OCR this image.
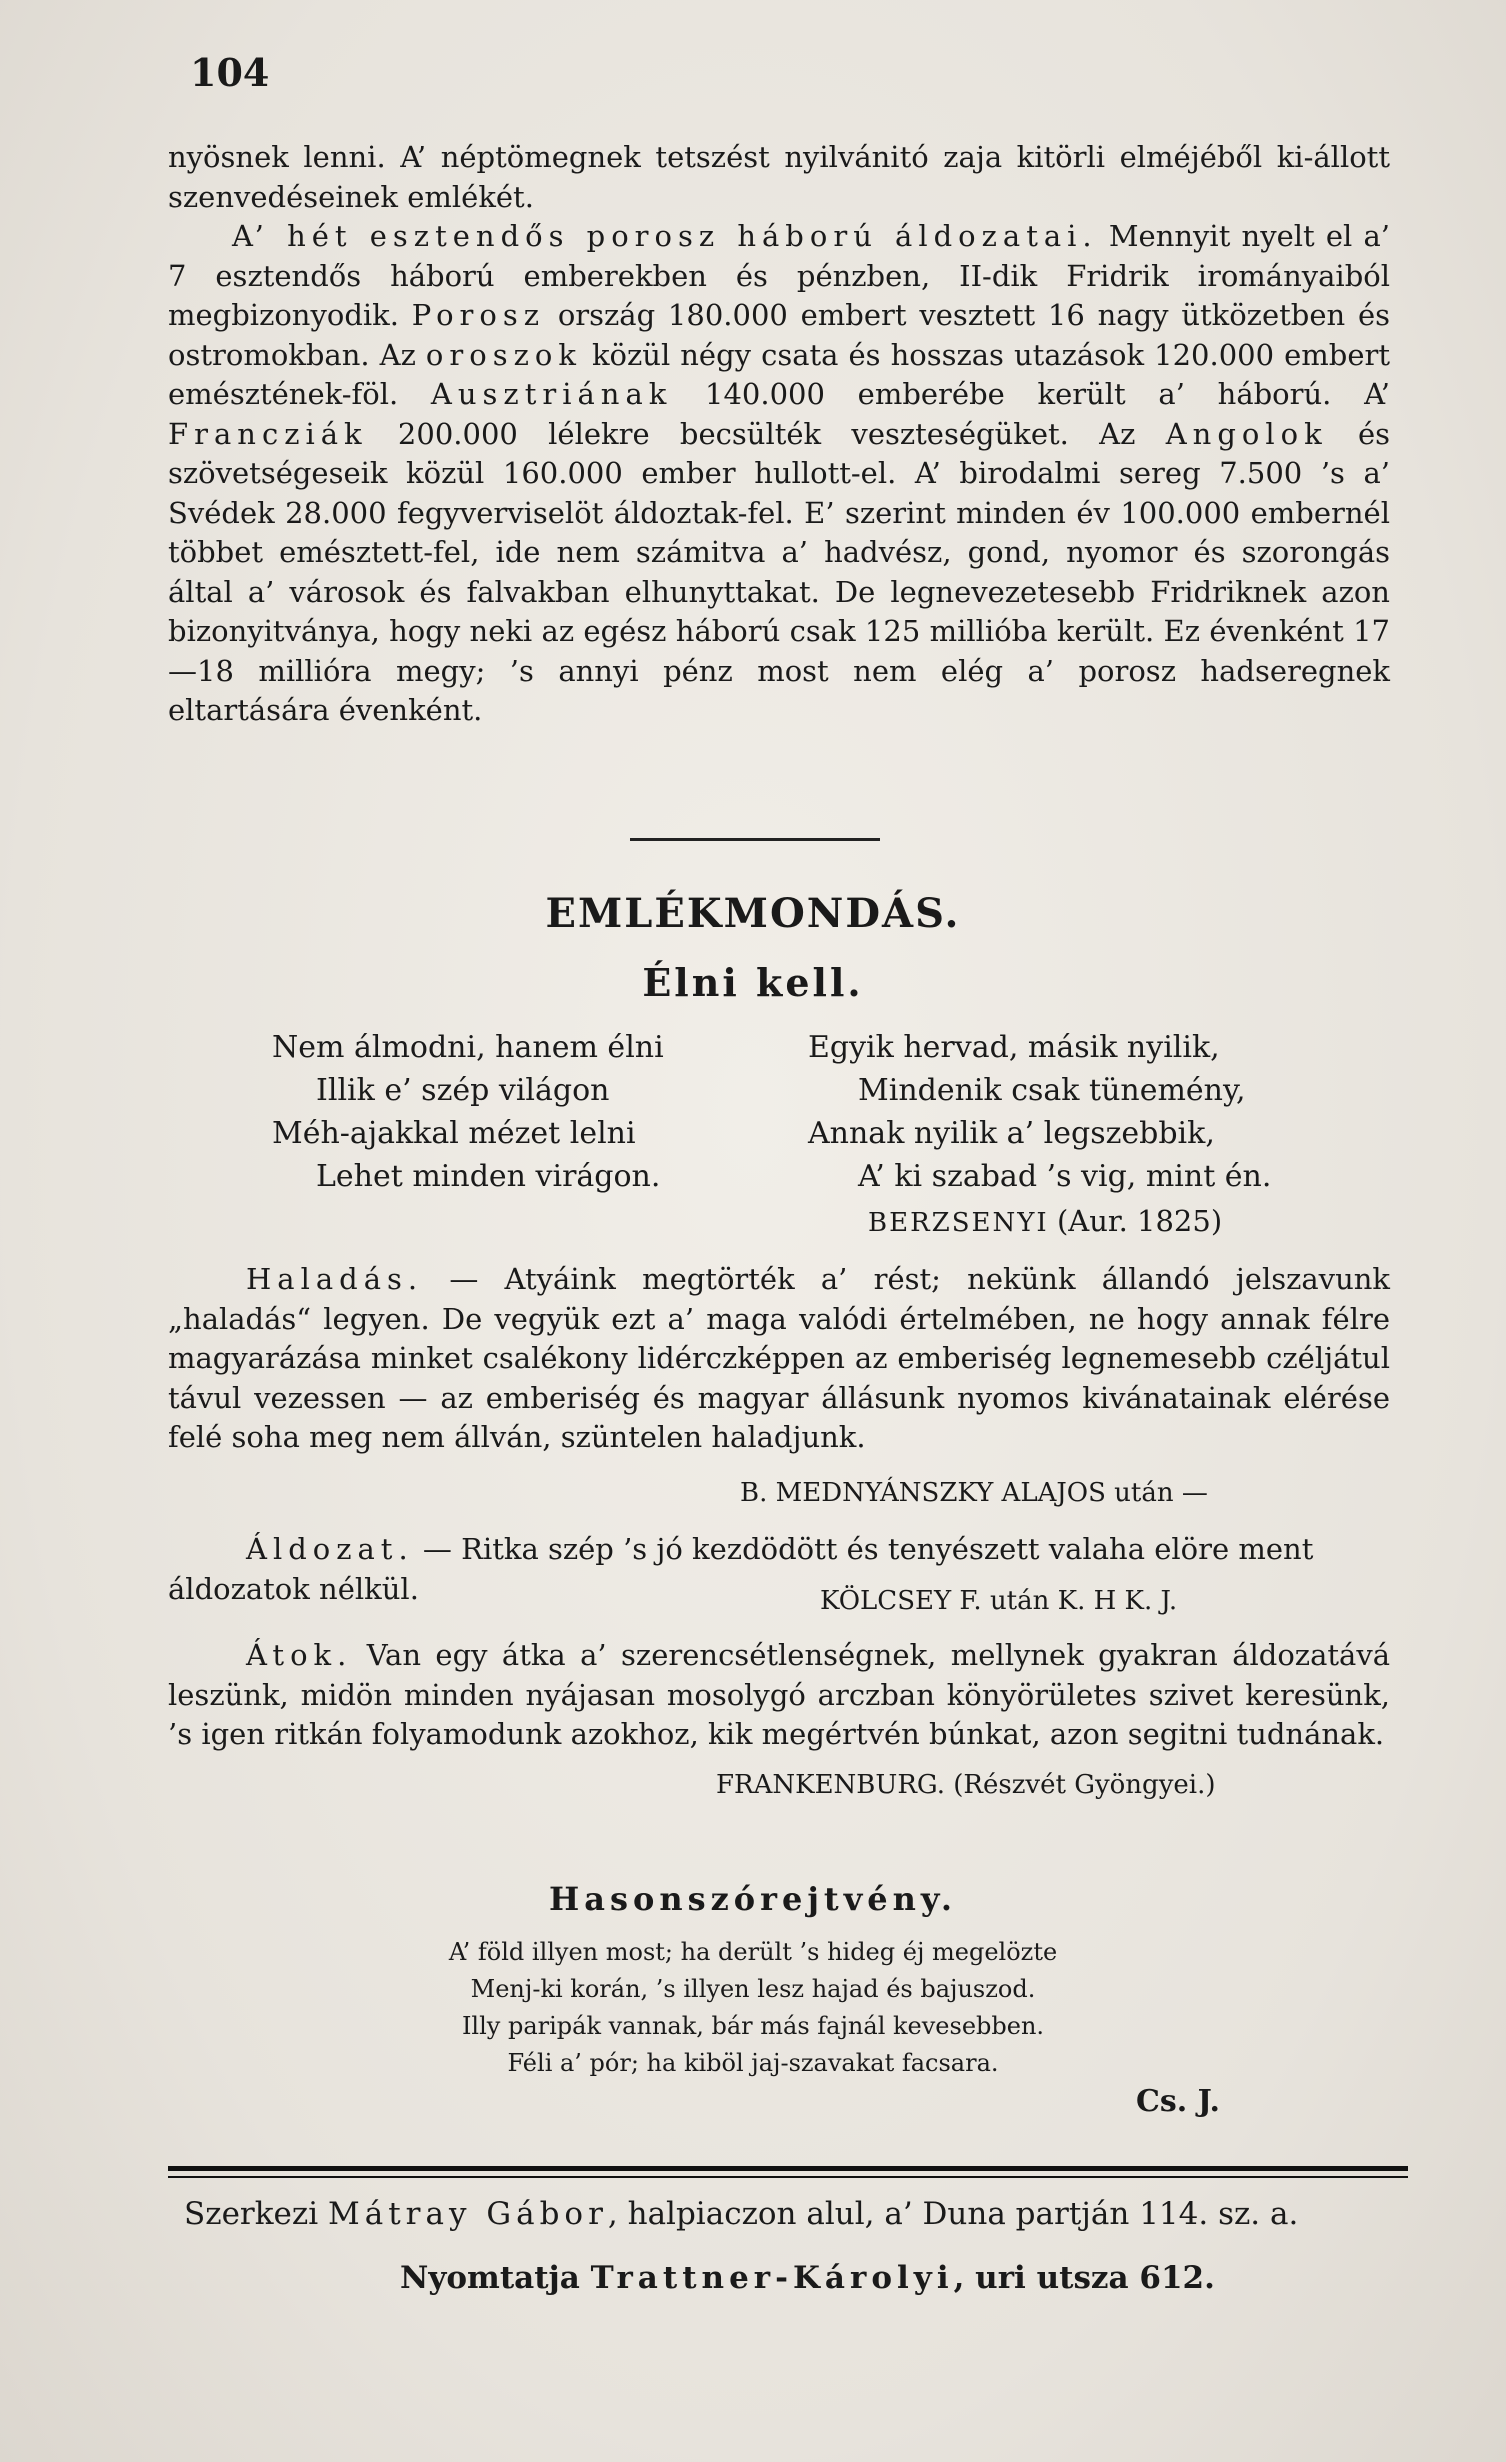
104

nyösnek lenni. A’ néptömegnek tetszést nyilvánitó zaja kitörli elméjéből ki-állott szenvedéseinek emlékét.

A’ hét esztendős porosz háború áldozatai. Mennyit nyelt el a’ 7 esztendős háború emberekben és pénzben, II-dik Fridrik irományaiból megbizonyodik. Porosz ország 180.000 embert vesztett 16 nagy ütközetben és ostromokban. Az oroszok közül négy csata és hosszas utazások 120.000 embert emésztének-föl. Ausztriának 140.000 emberébe került a’ háború. A’ Francziák 200.000 lélekre becsülték veszteségüket. Az Angolok és szövetségeseik közül 160.000 ember hullott-el. A’ birodalmi sereg 7.500 ’s a’ Svédek 28.000 fegyverviselöt áldoztak-fel. E’ szerint minden év 100.000 embernél többet emésztett-fel, ide nem számitva a’ hadvész, gond, nyomor és szorongás által a’ városok és falvakban elhunyttakat. De legnevezetesebb Fridriknek azon bizonyitványa, hogy neki az egész háború csak 125 millióba került. Ez évenként 17—18 millióra megy; ’s annyi pénz most nem elég a’ porosz hadseregnek eltartására évenként.

EMLÉKMONDÁS.
Élni kell.
Nem álmodni, hanem élni
Illik e’ szép világon
Méh-ajakkal mézet lelni
Lehet minden virágon.
Egyik hervad, másik nyilik,
Mindenik csak tünemény,
Annak nyilik a’ legszebbik,
A’ ki szabad ’s vig, mint én.
BERZSENYI (Aur. 1825)

Haladás. — Atyáink megtörték a’ rést; nekünk állandó jelszavunk „haladás“ legyen. De vegyük ezt a’ maga valódi értelmében, ne hogy annak félre magyarázása minket csalékony lidérczképpen az emberiség legnemesebb czéljátul távul vezessen — az emberiség és magyar állásunk nyomos kivánatainak elérése felé soha meg nem állván, szüntelen haladjunk.

B. MEDNYÁNSZKY ALAJOS után —

Áldozat. — Ritka szép ’s jó kezdödött és tenyészett valaha elöre ment áldozatok nélkül.	KÖLCSEY F. után K. H K. J.

Átok. Van egy átka a’ szerencsétlenségnek, mellynek gyakran áldozatává leszünk, midön minden nyájasan mosolygó arczban könyörületes szivet keresünk, ’s igen ritkán folyamodunk azokhoz, kik megértvén búnkat, azon segitni tudnának.

FRANKENBURG. (Részvét Gyöngyei.)
Hasonszórejtvény.
A’ föld illyen most; ha derült ’s hideg éj megelözte
Menj-ki korán, ’s illyen lesz hajad és bajuszod.
Illy paripák vannak, bár más fajnál kevesebben.
Féli a’ pór; ha kiböl jaj-szavakat facsara.
Cs. J.
Szerkezi Mátray Gábor, halpiaczon alul, a’ Duna partján 114. sz. a.
Nyomtatja Trattner-Károlyi, uri utsza 612.
